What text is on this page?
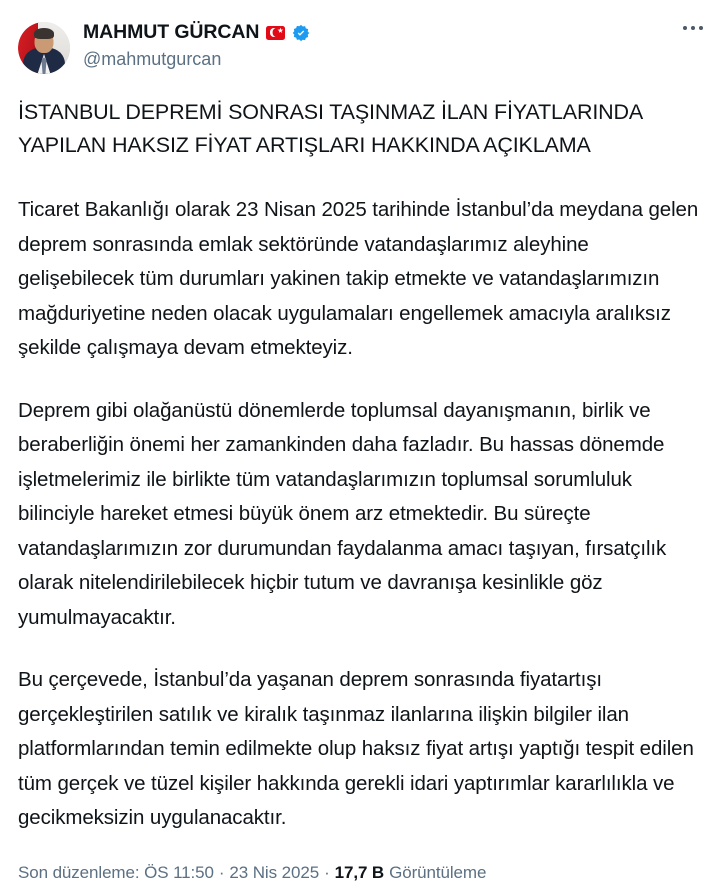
MAHMUT GÜRCAN
@mahmutgurcan
İSTANBUL DEPREMİ SONRASI TAŞINMAZ İLAN FİYATLARINDA YAPILAN HAKSIZ FİYAT ARTIŞLARI HAKKINDA AÇIKLAMA

Ticaret Bakanlığı olarak 23 Nisan 2025 tarihinde İstanbul’da meydana gelen deprem sonrasında emlak sektöründe vatandaşlarımız aleyhine gelişebilecek tüm durumları yakinen takip etmekte ve vatandaşlarımızın mağduriyetine neden olacak uygulamaları engellemek amacıyla aralıksız şekilde çalışmaya devam etmekteyiz.

Deprem gibi olağanüstü dönemlerde toplumsal dayanışmanın, birlik ve beraberliğin önemi her zamankinden daha fazladır. Bu hassas dönemde işletmelerimiz ile birlikte tüm vatandaşlarımızın toplumsal sorumluluk bilinciyle hareket etmesi büyük önem arz etmektedir. Bu süreçte vatandaşlarımızın zor durumundan faydalanma amacı taşıyan, fırsatçılık olarak nitelendirilebilecek hiçbir tutum ve davranışa kesinlikle göz yumulmayacaktır.

Bu çerçevede, İstanbul’da yaşanan deprem sonrasında fiyatartışı gerçekleştirilen satılık ve kiralık taşınmaz ilanlarına ilişkin bilgiler ilan platformlarından temin edilmekte olup haksız fiyat artışı yaptığı tespit edilen tüm gerçek ve tüzel kişiler hakkında gerekli idari yaptırımlar kararlılıkla ve gecikmeksizin uygulanacaktır.

Son düzenleme:
ÖS 11:50 · 23 Nis 2025 · 17,7 B Görüntüleme
